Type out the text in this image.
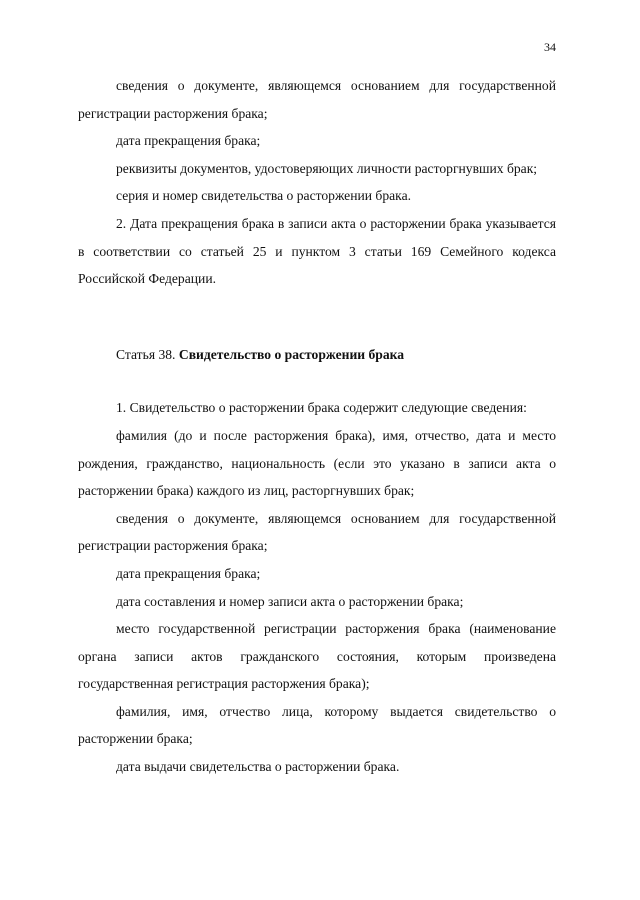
34

сведения о документе, являющемся основанием для государственной регистрации расторжения брака;

дата прекращения брака;

реквизиты документов, удостоверяющих личности расторгнувших брак;

серия и номер свидетельства о расторжении брака.

2. Дата прекращения брака в записи акта о расторжении брака указывается в соответствии со статьей 25 и пунктом 3 статьи 169 Семейного кодекса Российской Федерации.

Статья 38. Свидетельство о расторжении брака

1. Свидетельство о расторжении брака содержит следующие сведения:

фамилия (до и после расторжения брака), имя, отчество, дата и место рождения, гражданство, национальность (если это указано в записи акта о расторжении брака) каждого из лиц, расторгнувших брак;

сведения о документе, являющемся основанием для государственной регистрации расторжения брака;

дата прекращения брака;

дата составления и номер записи акта о расторжении брака;

место государственной регистрации расторжения брака (наименование органа записи актов гражданского состояния, которым произведена государственная регистрация расторжения брака);

фамилия, имя, отчество лица, которому выдается свидетельство о расторжении брака;

дата выдачи свидетельства о расторжении брака.
